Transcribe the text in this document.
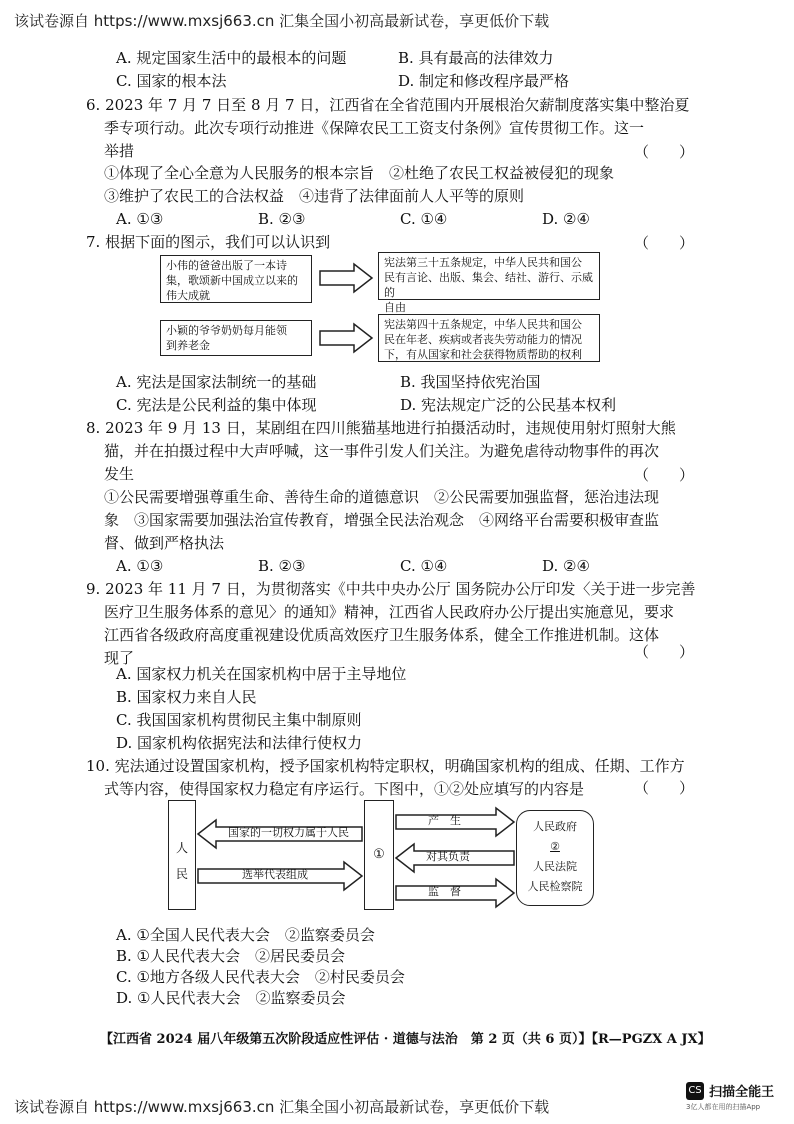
该试卷源自 https://www.mxsj663.cn 汇集全国小初高最新试卷，享更低价下载
A. 规定国家生活中的最根本的问题	B. 具有最高的法律效力
C. 国家的根本法	D. 制定和修改程序最严格
6. 2023 年 7 月 7 日至 8 月 7 日，江西省在全省范围内开展根治欠薪制度落实集中整治夏
季专项行动。此次专项行动推进《保障农民工工资支付条例》宣传贯彻工作。这一
举措	（　　）
①体现了全心全意为人民服务的根本宗旨　②杜绝了农民工权益被侵犯的现象
③维护了农民工的合法权益　④违背了法律面前人人平等的原则
A. ①③	B. ②③	C. ①④	D. ②④
7. 根据下面的图示，我们可以认识到	（　　）
小伟的爸爸出版了一本诗
集，歌颂新中国成立以来的
伟大成就
宪法第三十五条规定，中华人民共和国公
民有言论、出版、集会、结社、游行、示威的
自由
小颖的爷爷奶奶每月能领
到养老金
宪法第四十五条规定，中华人民共和国公
民在年老、疾病或者丧失劳动能力的情况
下，有从国家和社会获得物质帮助的权利
A. 宪法是国家法制统一的基础	B. 我国坚持依宪治国
C. 宪法是公民利益的集中体现	D. 宪法规定广泛的公民基本权利
8. 2023 年 9 月 13 日，某剧组在四川熊猫基地进行拍摄活动时，违规使用射灯照射大熊
猫，并在拍摄过程中大声呼喊，这一事件引发人们关注。为避免虐待动物事件的再次
发生	（　　）
①公民需要增强尊重生命、善待生命的道德意识　②公民需要加强监督，惩治违法现
象　③国家需要加强法治宣传教育，增强全民法治观念　④网络平台需要积极审查监
督、做到严格执法
A. ①③	B. ②③	C. ①④	D. ②④
9. 2023 年 11 月 7 日，为贯彻落实《中共中央办公厅 国务院办公厅印发〈关于进一步完善
医疗卫生服务体系的意见〉的通知》精神，江西省人民政府办公厅提出实施意见，要求
江西省各级政府高度重视建设优质高效医疗卫生服务体系，健全工作推进机制。这体
现了	（　　）
A. 国家权力机关在国家机构中居于主导地位
B. 国家权力来自人民
C. 我国国家机构贯彻民主集中制原则
D. 国家机构依据宪法和法律行使权力
10. 宪法通过设置国家机构，授予国家机构特定职权，明确国家机构的组成、任期、工作方
式等内容，使得国家权力稳定有序运行。下图中，①②处应填写的内容是	（　　）
人
民
国家的一切权力属于人民
选举代表组成
①
产　生
对其负责
监　督
人民政府
②
人民法院
人民检察院
A. ①全国人民代表大会　②监察委员会
B. ①人民代表大会　②居民委员会
C. ①地方各级人民代表大会　②村民委员会
D. ①人民代表大会　②监察委员会
【江西省 2024 届八年级第五次阶段适应性评估 · 道德与法治　第 2 页（共 6 页）】【R—PGZX A JX】
该试卷源自 https://www.mxsj663.cn 汇集全国小初高最新试卷，享更低价下载
CS 扫描全能王
3亿人都在用的扫描App
